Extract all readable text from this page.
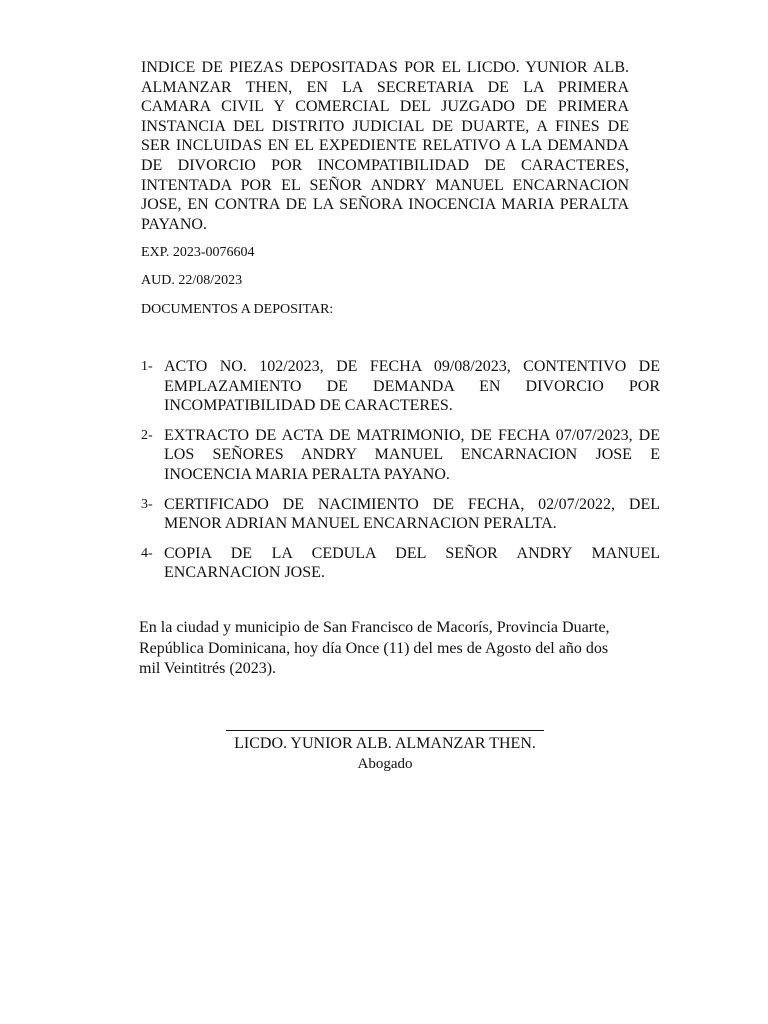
INDICE DE PIEZAS DEPOSITADAS POR EL LICDO. YUNIOR ALB. ALMANZAR THEN, EN LA SECRETARIA DE LA PRIMERA CAMARA CIVIL Y COMERCIAL DEL JUZGADO DE PRIMERA INSTANCIA DEL DISTRITO JUDICIAL DE DUARTE, A FINES DE SER INCLUIDAS EN EL EXPEDIENTE RELATIVO A LA DEMANDA DE DIVORCIO POR INCOMPATIBILIDAD DE CARACTERES, INTENTADA POR EL SEÑOR ANDRY MANUEL ENCARNACION JOSE, EN CONTRA DE LA SEÑORA INOCENCIA MARIA PERALTA PAYANO.

EXP. 2023-0076604

AUD. 22/08/2023

DOCUMENTOS A DEPOSITAR:

1- ACTO NO. 102/2023, DE FECHA 09/08/2023, CONTENTIVO DE EMPLAZAMIENTO DE DEMANDA EN DIVORCIO POR INCOMPATIBILIDAD DE CARACTERES.
2- EXTRACTO DE ACTA DE MATRIMONIO, DE FECHA 07/07/2023, DE LOS SEÑORES ANDRY MANUEL ENCARNACION JOSE E INOCENCIA MARIA PERALTA PAYANO.
3- CERTIFICADO DE NACIMIENTO DE FECHA, 02/07/2022, DEL MENOR ADRIAN MANUEL ENCARNACION PERALTA.
4- COPIA DE LA CEDULA DEL SEÑOR ANDRY MANUEL ENCARNACION JOSE.

En la ciudad y municipio de San Francisco de Macorís, Provincia Duarte, República Dominicana, hoy día Once (11) del mes de Agosto del año dos mil Veintitrés (2023).

LICDO. YUNIOR ALB. ALMANZAR THEN.

Abogado
